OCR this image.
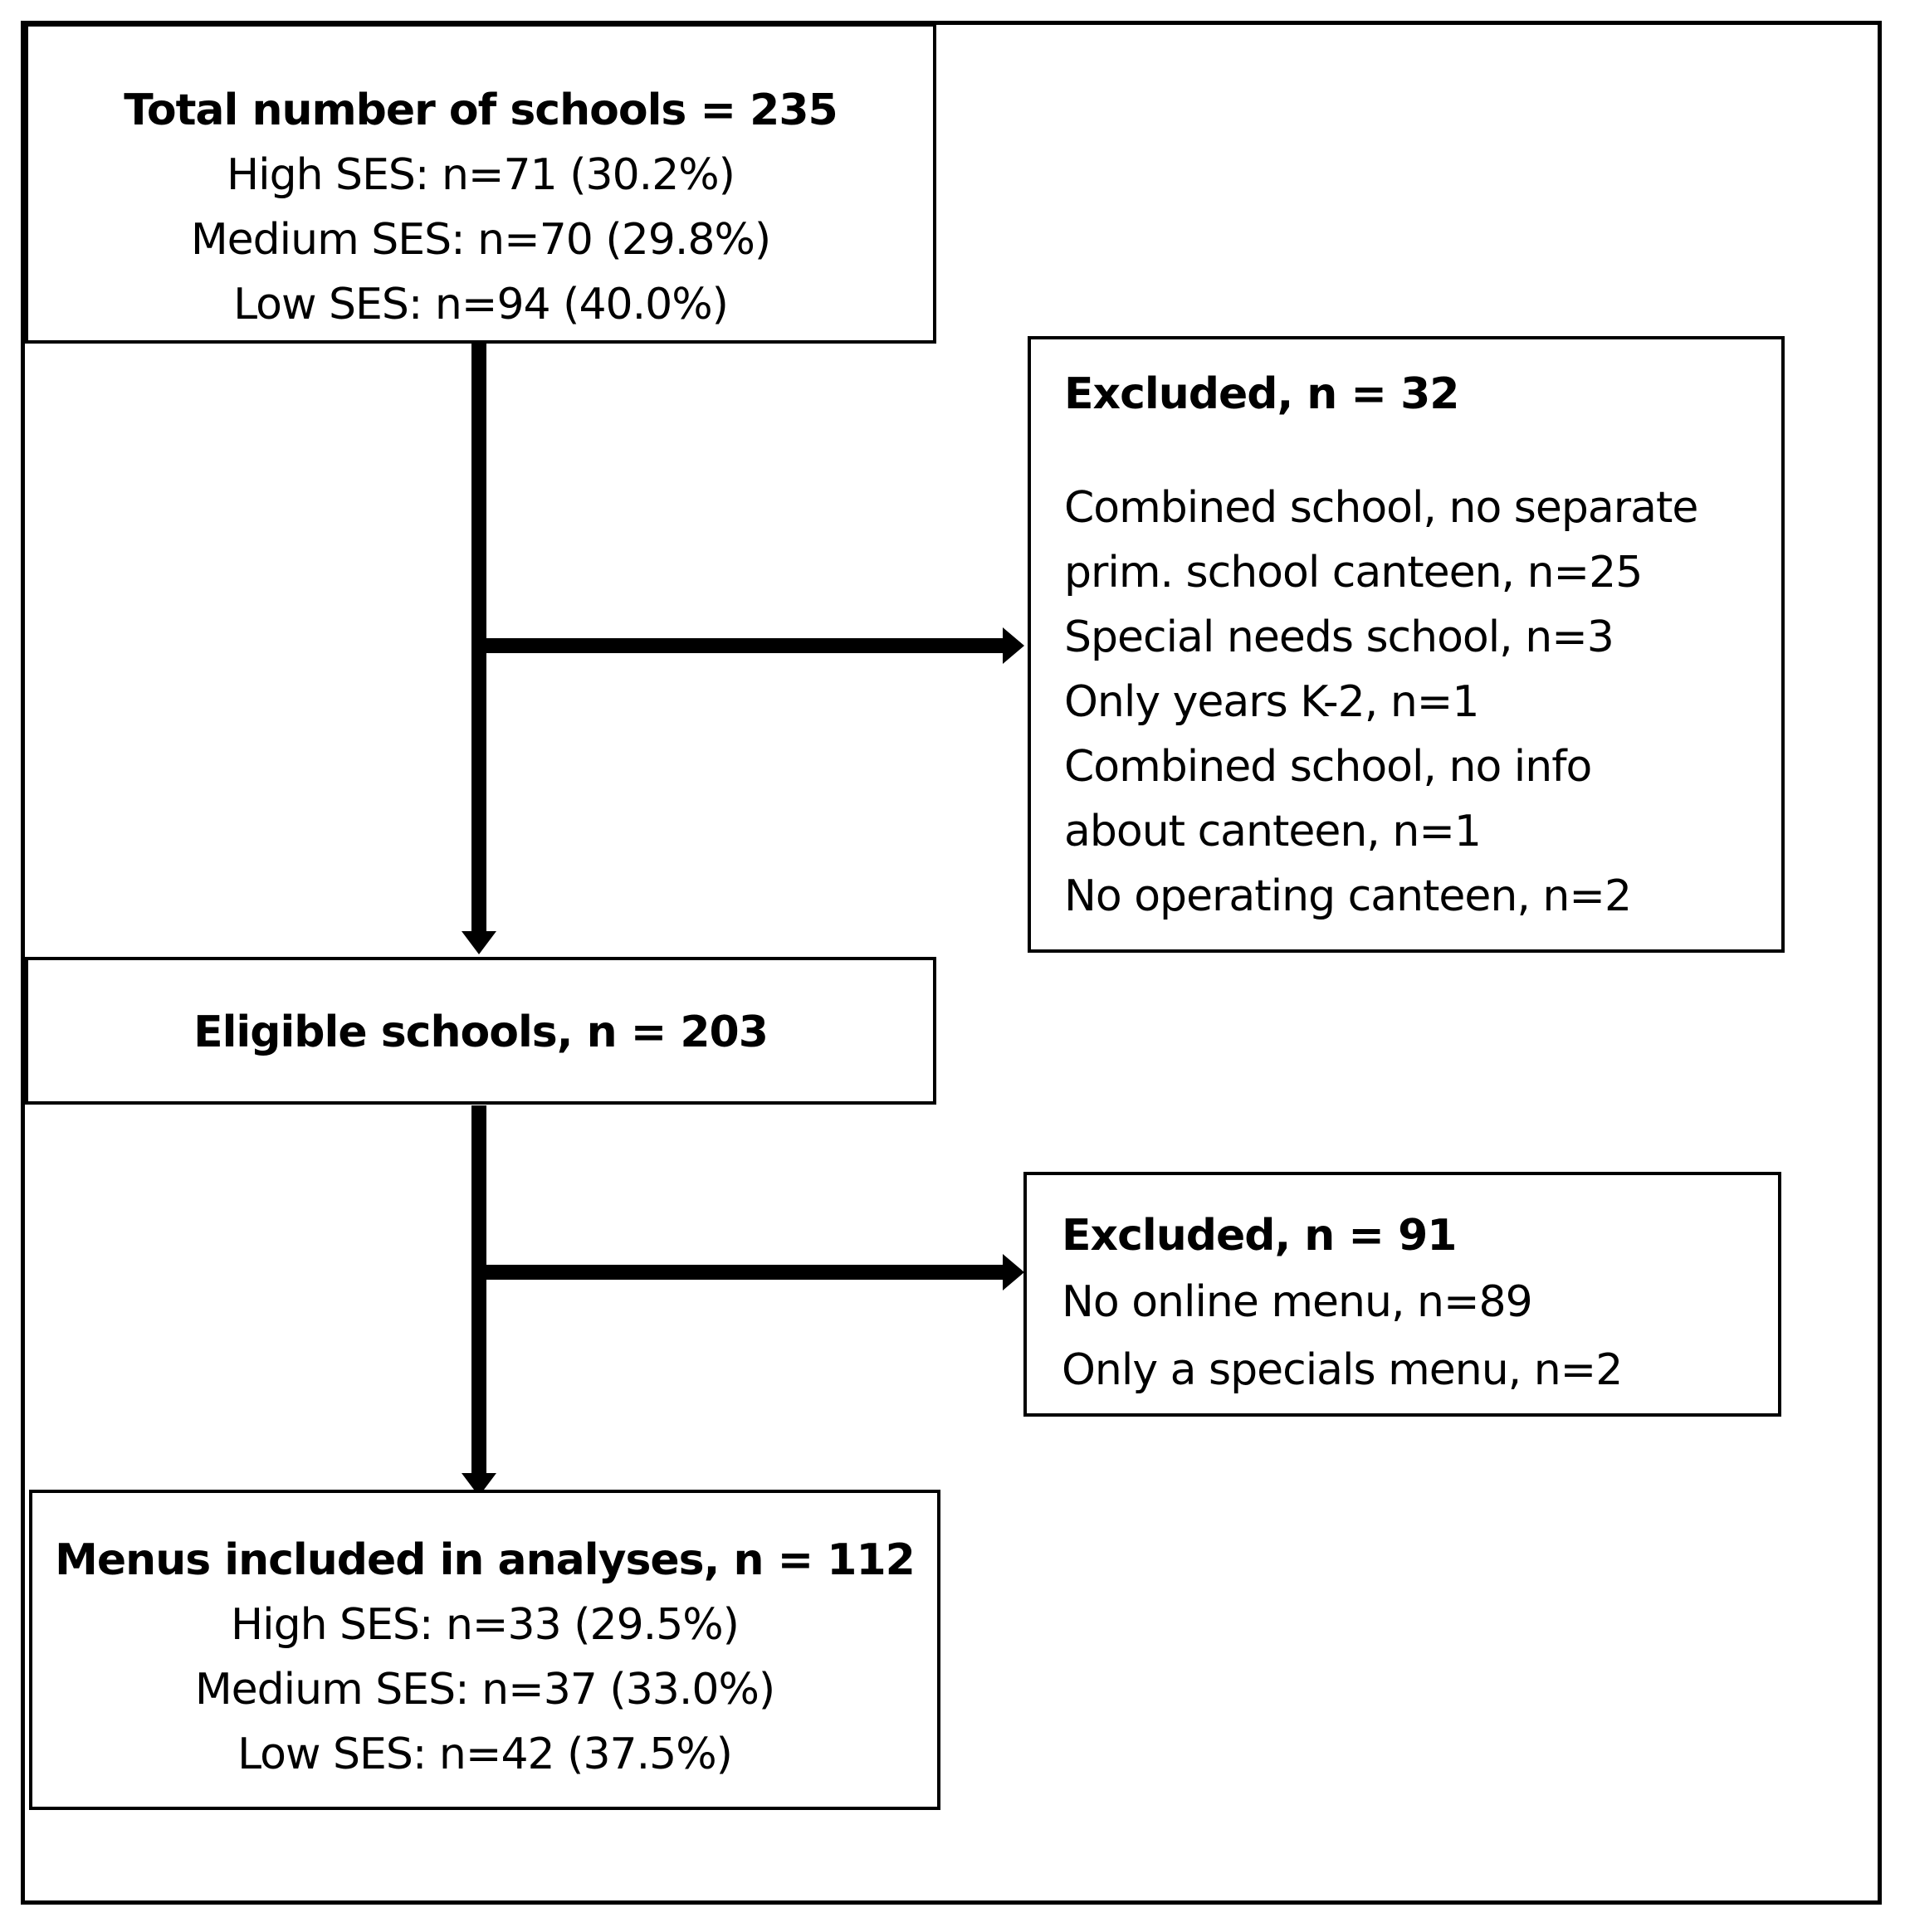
Total number of schools = 235
High SES: n=71 (30.2%)
Medium SES: n=70 (29.8%)
Low SES: n=94 (40.0%)
Excluded, n = 32
Combined school, no separate
prim. school canteen, n=25
Special needs school, n=3
Only years K-2, n=1
Combined school, no info
about canteen, n=1
No operating canteen, n=2
Eligible schools, n = 203
Excluded, n = 91
No online menu, n=89
Only a specials menu, n=2
Menus included in analyses, n = 112
High SES: n=33 (29.5%)
Medium SES: n=37 (33.0%)
Low SES: n=42 (37.5%)
